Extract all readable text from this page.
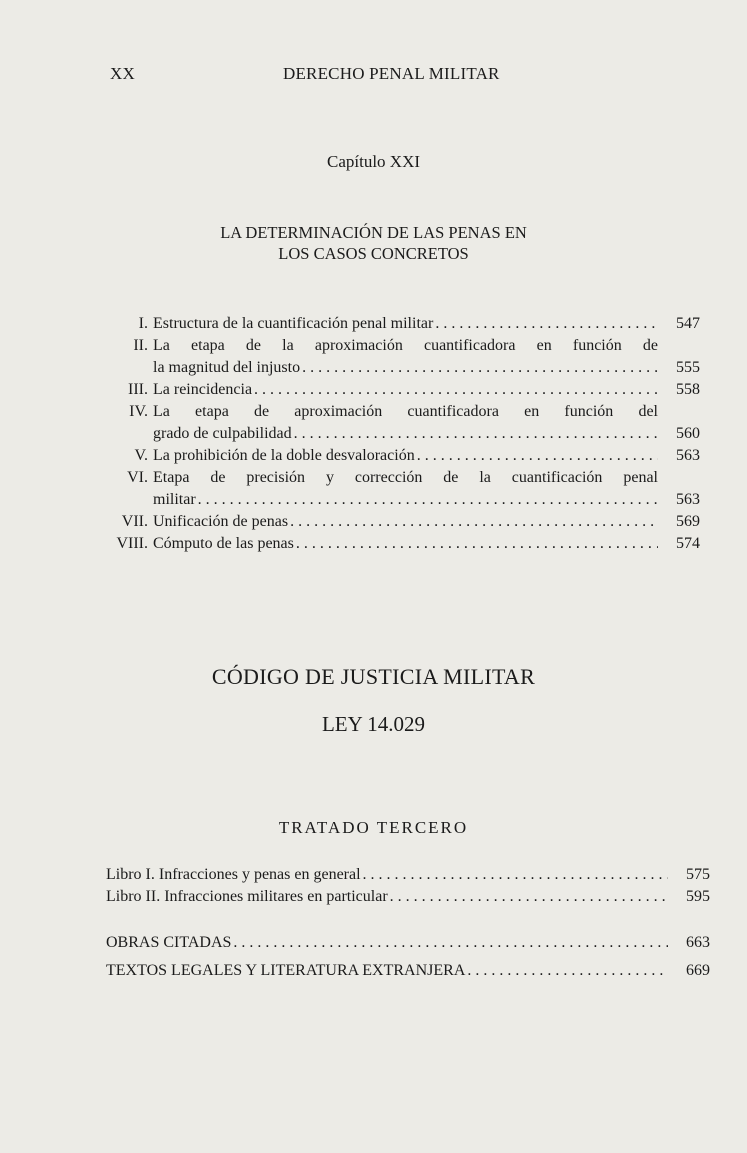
XX	DERECHO PENAL MILITAR
Capítulo XXI
LA DETERMINACIÓN DE LAS PENAS EN
LOS CASOS CONCRETOS
I. Estructura de la cuantificación penal militar . . .	547
II. La etapa de la aproximación cuantificadora en función de
la magnitud del injusto . . .	555
III. La reincidencia . . .	558
IV. La etapa de aproximación cuantificadora en función del
grado de culpabilidad . . .	560
V. La prohibición de la doble desvaloración . . .	563
VI. Etapa de precisión y corrección de la cuantificación penal
militar . . .	563
VII. Unificación de penas . . .	569
VIII. Cómputo de las penas . . .	574
CÓDIGO DE JUSTICIA MILITAR
LEY 14.029
TRATADO TERCERO
Libro I. Infracciones y penas en general . . .	575
Libro II. Infracciones militares en particular . . .	595
OBRAS CITADAS . . .	663
TEXTOS LEGALES Y LITERATURA EXTRANJERA . . .	669
